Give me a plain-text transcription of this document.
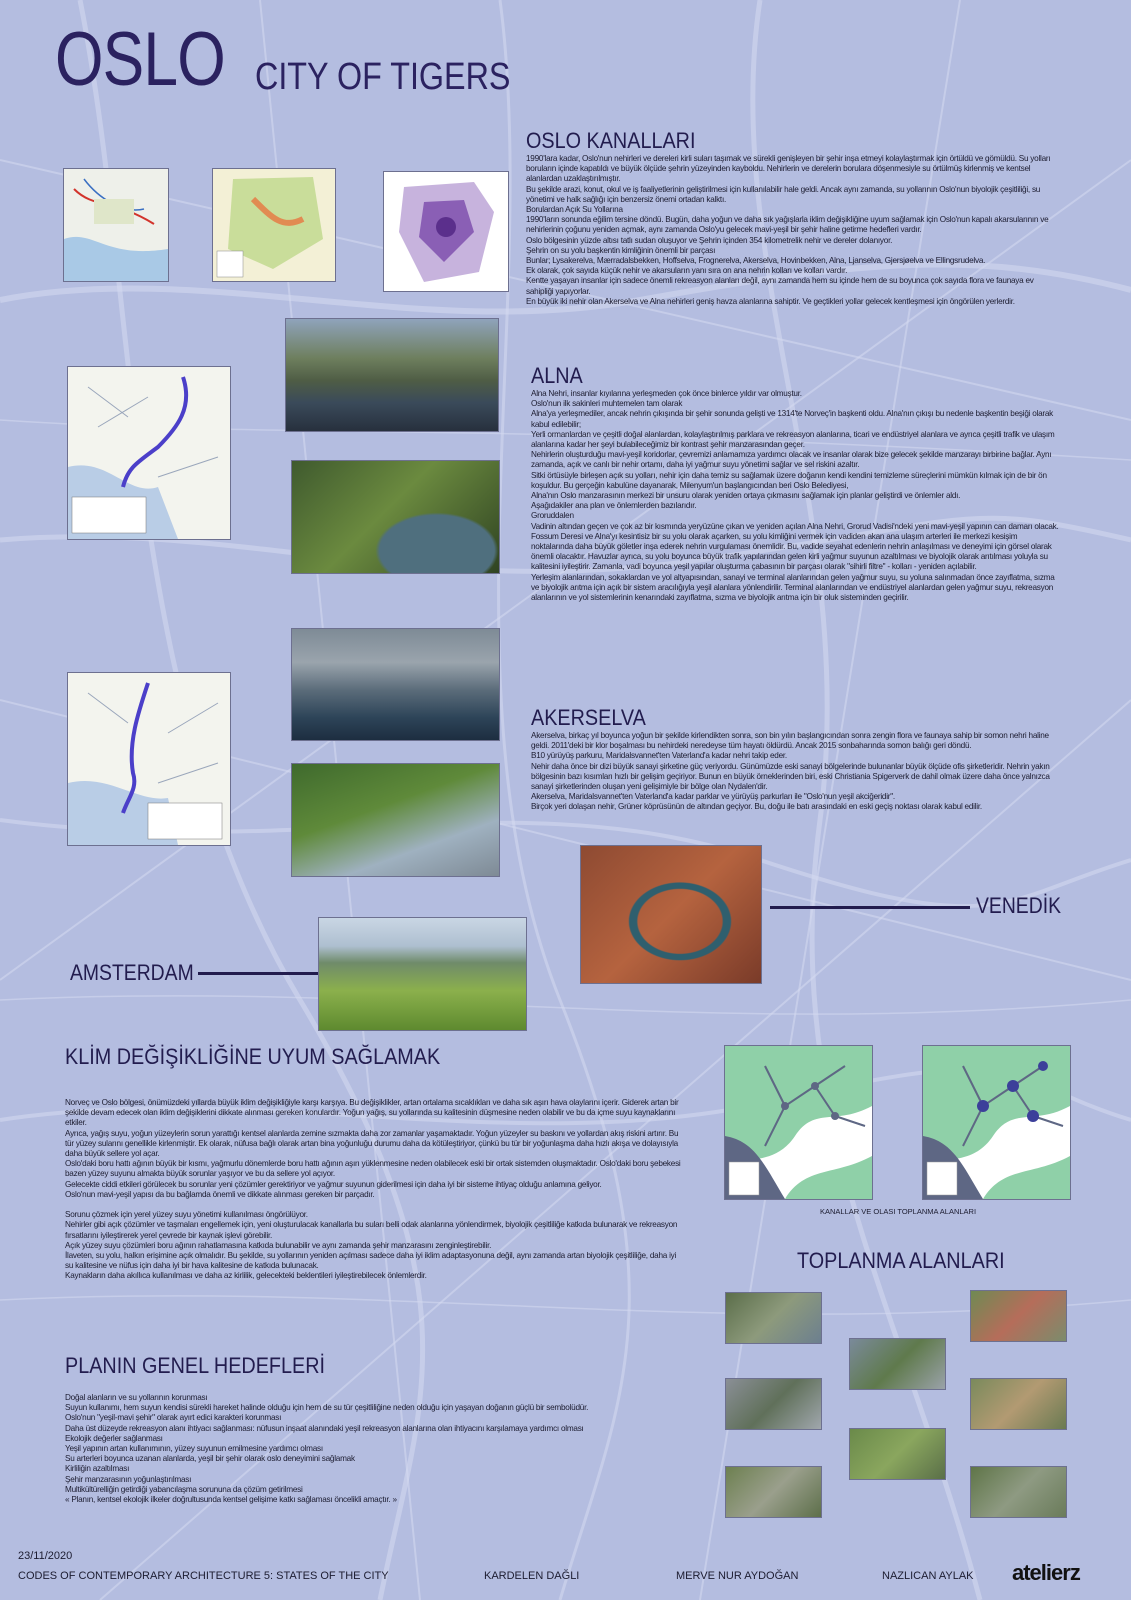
OSLO CITY OF TIGERS
OSLO KANALLARI

1990'lara kadar, Oslo'nun nehirleri ve dereleri kirli suları taşımak ve sürekli genişleyen bir şehir inşa etmeyi kolaylaştırmak için örtüldü ve gömüldü. Su yolları boruların içinde kapatıldı ve büyük ölçüde şehrin yüzeyinden kayboldu. Nehirlerin ve derelerin borulara döşenmesiyle su örtülmüş kirlenmiş ve kentsel alanlardan uzaklaştırılmıştır.

Bu şekilde arazi, konut, okul ve iş faaliyetlerinin geliştirilmesi için kullanılabilir hale geldi. Ancak aynı zamanda, su yollarının Oslo'nun biyolojik çeşitliliği, su yönetimi ve halk sağlığı için benzersiz önemi ortadan kalktı.

Borulardan Açık Su Yollarına

1990'ların sonunda eğilim tersine döndü. Bugün, daha yoğun ve daha sık yağışlarla iklim değişikliğine uyum sağlamak için Oslo'nun kapalı akarsularının ve nehirlerinin çoğunu yeniden açmak, aynı zamanda Oslo'yu gelecek mavi-yeşil bir şehir haline getirme hedefleri vardır.

Oslo bölgesinin yüzde altısı tatlı sudan oluşuyor ve Şehrin içinden 354 kilometrelik nehir ve dereler dolanıyor.

Şehrin on su yolu başkentin kimliğinin önemli bir parçası

Bunlar; Lysakerelva, Mærradalsbekken, Hoffselva, Frognerelva, Akerselva, Hovinbekken, Alna, Ljanselva, Gjersjøelva ve Ellingsrudelva.

Ek olarak, çok sayıda küçük nehir ve akarsuların yanı sıra on ana nehrin kolları ve kolları vardır.

Kentte yaşayan insanlar için sadece önemli rekreasyon alanları değil, aynı zamanda hem su içinde hem de su boyunca çok sayıda flora ve faunaya ev sahipliği yapıyorlar.

En büyük iki nehir olan Akerselva ve Alna nehirleri geniş havza alanlarına sahiptir. Ve geçtikleri yollar gelecek kentleşmesi için öngörülen yerlerdir.

ALNA

Alna Nehri, insanlar kıyılarına yerleşmeden çok önce binlerce yıldır var olmuştur.

Oslo'nun ilk sakinleri muhtemelen tam olarak

Alna'ya yerleşmediler, ancak nehrin çıkışında bir şehir sonunda gelişti ve 1314'te Norveç'in başkenti oldu. Alna'nın çıkışı bu nedenle başkentin beşiği olarak kabul edilebilir;

Yerli ormanlardan ve çeşitli doğal alanlardan, kolaylaştırılmış parklara ve rekreasyon alanlarına, ticari ve endüstriyel alanlara ve ayrıca çeşitli trafik ve ulaşım alanlarına kadar her şeyi bulabileceğimiz bir kontrast şehir manzarasından geçer.

Nehirlerin oluşturduğu mavi-yeşil koridorlar, çevremizi anlamamıza yardımcı olacak ve insanlar olarak bize gelecek şekilde manzarayı birbirine bağlar. Aynı zamanda, açık ve canlı bir nehir ortamı, daha iyi yağmur suyu yönetimi sağlar ve sel riskini azaltır.

Sitki örtüsüyle birleşen açık su yolları, nehir için daha temiz su sağlamak üzere doğanın kendi kendini temizleme süreçlerini mümkün kılmak için de bir ön koşuldur. Bu gerçeğin kabulüne dayanarak, Milenyum'un başlangıcından beri Oslo Belediyesi,

Alna'nın Oslo manzarasının merkezi bir unsuru olarak yeniden ortaya çıkmasını sağlamak için planlar geliştirdi ve önlemler aldı.

Aşağıdakiler ana plan ve önlemlerden bazılarıdır.

Groruddalen

Vadinin altından geçen ve çok az bir kısmında yeryüzüne çıkan ve yeniden açılan Alna Nehri, Grorud Vadisi'ndeki yeni mavi-yeşil yapının can damarı olacak. Fossum Deresi ve Alna'yı kesintisiz bir su yolu olarak açarken, su yolu kimliğini vermek için vadiden akan ana ulaşım arterleri ile merkezi kesişim noktalarında daha büyük göletler inşa ederek nehrin vurgulaması önemlidir. Bu, vadide seyahat edenlerin nehrin anlaşılması ve deneyimi için görsel olarak önemli olacaktır. Havuzlar ayrıca, su yolu boyunca büyük trafik yapılarından gelen kirli yağmur suyunun azaltılması ve biyolojik olarak arıtılması yoluyla su kalitesini iyileştirir. Zamanla, vadi boyunca yeşil yapılar oluşturma çabasının bir parçası olarak "sihirli filtre" - kolları - yeniden açılabilir.

Yerleşim alanlarından, sokaklardan ve yol altyapısından, sanayi ve terminal alanlarından gelen yağmur suyu, su yoluna salınmadan önce zayıflatma, sızma ve biyolojik arıtma için açık bir sistem aracılığıyla yeşil alanlara yönlendirilir. Terminal alanlarından ve endüstriyel alanlardan gelen yağmur suyu, rekreasyon alanlarının ve yol sistemlerinin kenarındaki zayıflatma, sızma ve biyolojik arıtma için bir oluk sisteminden geçirilir.

AKERSELVA

Akerselva, birkaç yıl boyunca yoğun bir şekilde kirlendikten sonra, son bin yılın başlangıcından sonra zengin flora ve faunaya sahip bir somon nehri haline geldi. 2011'deki bir klor boşalması bu nehirdeki neredeyse tüm hayatı öldürdü. Ancak 2015 sonbaharında somon balığı geri döndü.

B10 yürüyüş parkuru, Maridalsvannet'ten Vaterland'a kadar nehri takip eder.

Nehir daha önce bir dizi büyük sanayi şirketine güç veriyordu. Günümüzde eski sanayi bölgelerinde bulunanlar büyük ölçüde ofis şirketleridir. Nehrin yakın bölgesinin bazı kısımları hızlı bir gelişim geçiriyor. Bunun en büyük örneklerinden biri, eski Christiania Spigerverk de dahil olmak üzere daha önce yalnızca sanayi şirketlerinden oluşan yeni gelişimiyle bir bölge olan Nydalen'dir.

Akerselva, Maridalsvannet'ten Vaterland'a kadar parklar ve yürüyüş parkurları ile "Oslo'nun yeşil akciğeridir".

Birçok yeri dolaşan nehir, Grüner köprüsünün de altından geçiyor. Bu, doğu ile batı arasındaki en eski geçiş noktası olarak kabul edilir.

VENEDİK
AMSTERDAM
KLİM DEĞİŞİKLİĞİNE UYUM SAĞLAMAK

Norveç ve Oslo bölgesi, önümüzdeki yıllarda büyük iklim değişikliğiyle karşı karşıya. Bu değişiklikler, artan ortalama sıcaklıkları ve daha sık aşırı hava olaylarını içerir. Giderek artan bir şekilde devam edecek olan iklim değişiklerini dikkate alınması gereken konulardır. Yoğun yağış, su yollarında su kalitesinin düşmesine neden olabilir ve bu da içme suyu kaynaklarını etkiler.

Ayrıca, yağış suyu, yoğun yüzeylerin sorun yarattığı kentsel alanlarda zemine sızmakta daha zor zamanlar yaşamaktadır. Yoğun yüzeyler su baskını ve yollardan akış riskini artırır. Bu tür yüzey sularını genellikle kirlenmiştir. Ek olarak, nüfusa bağlı olarak artan bina yoğunluğu durumu daha da kötüleştiriyor, çünkü bu tür bir yoğunlaşma daha hızlı akışa ve dolayısıyla daha büyük sellere yol açar.

Oslo'daki boru hattı ağının büyük bir kısmı, yağmurlu dönemlerde boru hattı ağının aşırı yüklenmesine neden olabilecek eski bir ortak sistemden oluşmaktadır. Oslo'daki boru şebekesi bazen yüzey suyunu almakta büyük sorunlar yaşıyor ve bu da sellere yol açıyor.

Gelecekte ciddi etkileri görülecek bu sorunlar yeni çözümler gerektiriyor ve yağmur suyunun giderilmesi için daha iyi bir sisteme ihtiyaç olduğu anlamına geliyor.

Oslo'nun mavi-yeşil yapısı da bu bağlamda önemli ve dikkate alınması gereken bir parçadır.

Sorunu çözmek için yerel yüzey suyu yönetimi kullanılması öngörülüyor.

Nehirler gibi açık çözümler ve taşmaları engellemek için, yeni oluşturulacak kanallarla bu suları belli odak alanlarına yönlendirmek, biyolojik çeşitliliğe katkıda bulunarak ve rekreasyon fırsatlarını iyileştirerek yerel çevrede bir kaynak işlevi görebilir.

Açık yüzey suyu çözümleri boru ağının rahatlamasına katkıda bulunabilir ve aynı zamanda şehir manzarasını zenginleştirebilir.

İlaveten, su yolu, halkın erişimine açık olmalıdır. Bu şekilde, su yollarının yeniden açılması sadece daha iyi iklim adaptasyonuna değil, aynı zamanda artan biyolojik çeşitliliğe, daha iyi su kalitesine ve nüfus için daha iyi bir hava kalitesine de katkıda bulunacak.

Kaynakların daha akıllıca kullanılması ve daha az kirlilik, gelecekteki beklentileri iyileştirebilecek önlemlerdir.

PLANIN GENEL HEDEFLERİ

Doğal alanların ve su yollarının korunması

Suyun kullanımı, hem suyun kendisi sürekli hareket halinde olduğu için hem de su tür çeşitliliğine neden olduğu için yaşayan doğanın güçlü bir sembolüdür.

Oslo'nun "yeşil-mavi şehir" olarak ayırt edici karakteri korunması

Daha üst düzeyde rekreasyon alanı ihtiyacı sağlanması: nüfusun inşaat alanındaki yeşil rekreasyon alanlarına olan ihtiyacını karşılamaya yardımcı olması

Ekolojik değerler sağlanması

Yeşil yapının artan kullanımının, yüzey suyunun emilmesine yardımcı olması

Su arterleri boyunca uzanan alanlarda, yeşil bir şehir olarak oslo deneyimini sağlamak

Kirliliğin azaltılması

Şehir manzarasının yoğunlaştırılması

Multikültürelliğin getirdiği yabancılaşma sorununa da çözüm getirilmesi

« Planın, kentsel ekolojik ilkeler doğrultusunda kentsel gelişime katkı sağlaması öncelikli amaçtır. »

KANALLAR VE OLASI TOPLANMA ALANLARI
TOPLANMA ALANLARI
23/11/2020
CODES OF CONTEMPORARY ARCHITECTURE 5: STATES OF THE CITY	KARDELEN DAĞLI	MERVE NUR AYDOĞAN	NAZLICAN AYLAK atelierz
